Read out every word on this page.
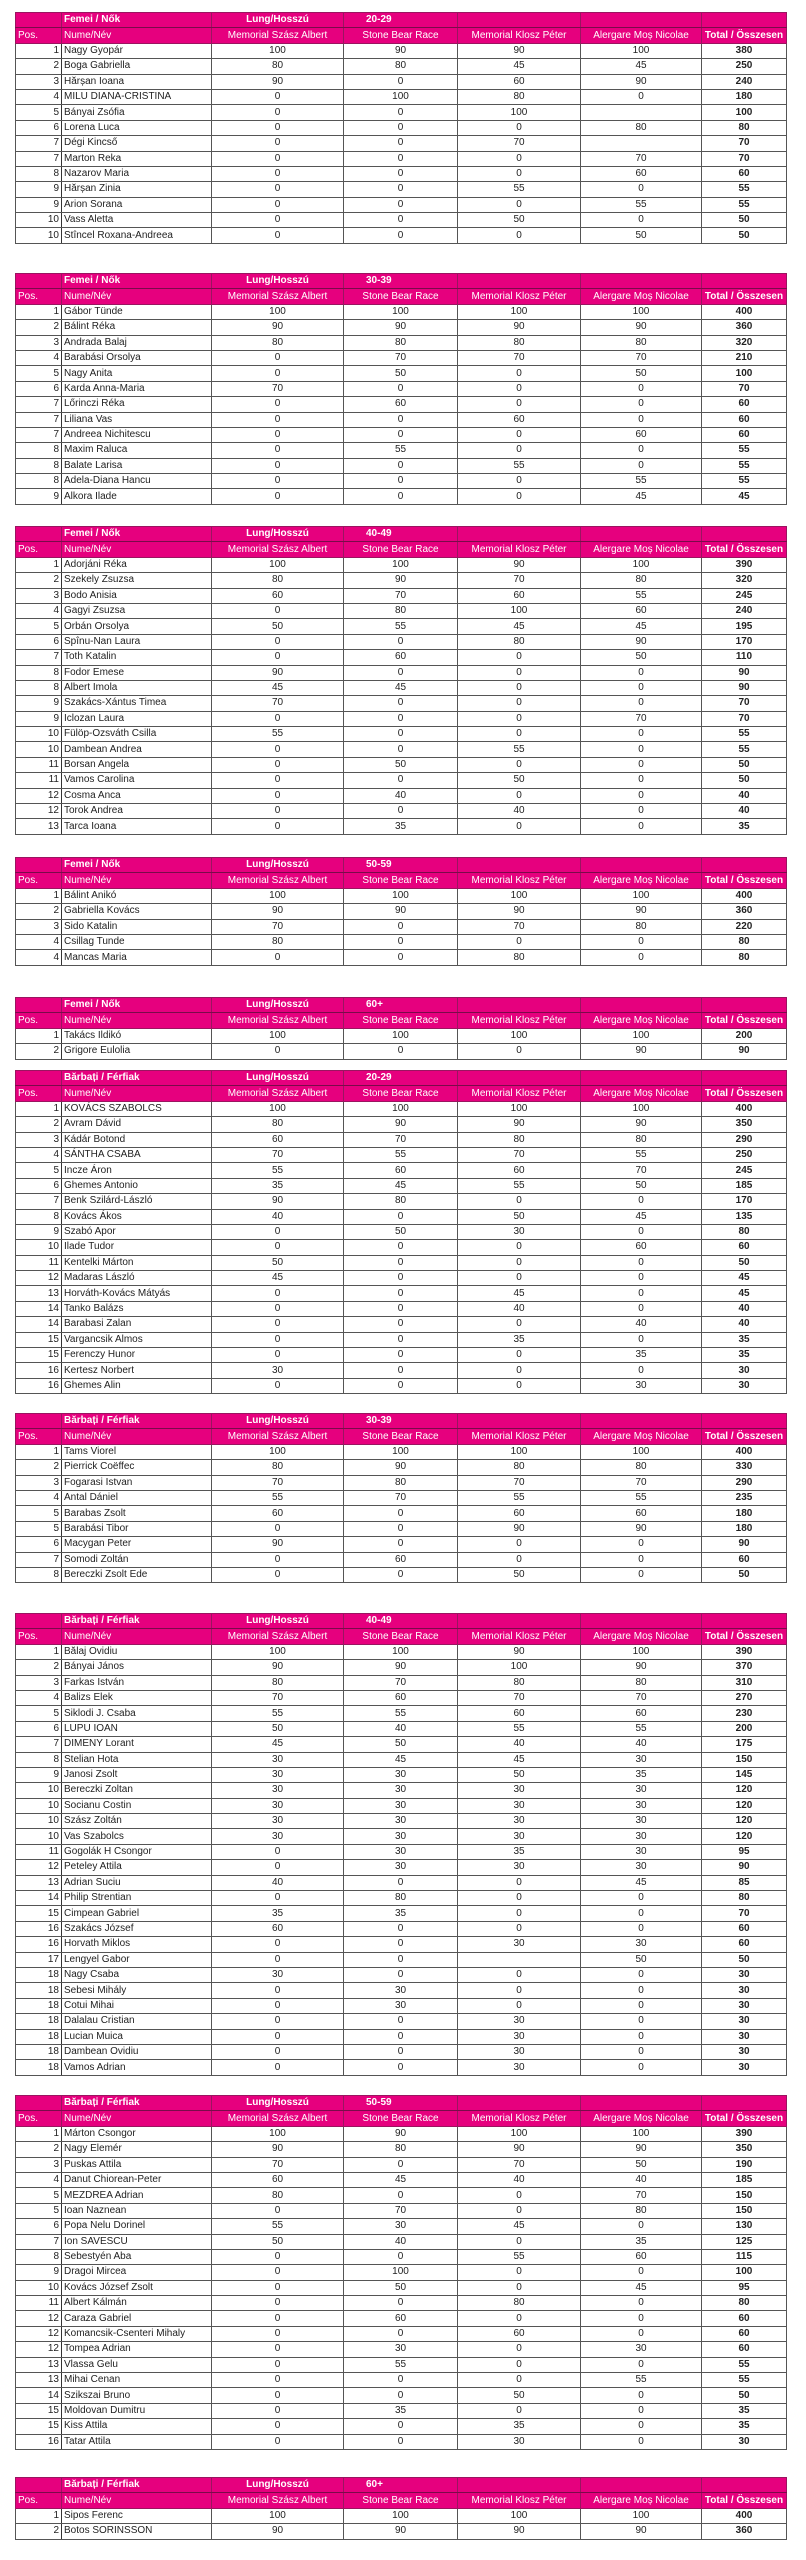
	Femei / Nők	Lung/Hosszú	20-29			
Pos.	Nume/Név	Memorial Szász Albert	Stone Bear Race	Memorial Klosz Péter	Alergare Moș Nicolae	Total / Összesen
1	Nagy Gyopár	100	90	90	100	380
2	Boga Gabriella	80	80	45	45	250
3	Hărșan Ioana	90	0	60	90	240
4	MILU DIANA-CRISTINA	0	100	80	0	180
5	Bányai Zsófia	0	0	100		100
6	Lorena Luca	0	0	0	80	80
7	Dégi Kincső	0	0	70		70
7	Marton Reka	0	0	0	70	70
8	Nazarov Maria	0	0	0	60	60
9	Hărșan Zinia	0	0	55	0	55
9	Arion Sorana	0	0	0	55	55
10	Vass Aletta	0	0	50	0	50
10	Stîncel Roxana-Andreea	0	0	0	50	50
	Femei / Nők	Lung/Hosszú	30-39			
Pos.	Nume/Név	Memorial Szász Albert	Stone Bear Race	Memorial Klosz Péter	Alergare Moș Nicolae	Total / Összesen
1	Gábor Tünde	100	100	100	100	400
2	Bálint Réka	90	90	90	90	360
3	Andrada Balaj	80	80	80	80	320
4	Barabási Orsolya	0	70	70	70	210
5	Nagy Anita	0	50	0	50	100
6	Karda Anna-Maria	70	0	0	0	70
7	Lőrinczi Réka	0	60	0	0	60
7	Liliana Vas	0	0	60	0	60
7	Andreea Nichitescu	0	0	0	60	60
8	Maxim Raluca	0	55	0	0	55
8	Balate Larisa	0	0	55	0	55
8	Adela-Diana Hancu	0	0	0	55	55
9	Alkora Ilade	0	0	0	45	45
	Femei / Nők	Lung/Hosszú	40-49			
Pos.	Nume/Név	Memorial Szász Albert	Stone Bear Race	Memorial Klosz Péter	Alergare Moș Nicolae	Total / Összesen
1	Adorjáni Réka	100	100	90	100	390
2	Szekely Zsuzsa	80	90	70	80	320
3	Bodo Anisia	60	70	60	55	245
4	Gagyi Zsuzsa	0	80	100	60	240
5	Orbán Orsolya	50	55	45	45	195
6	Spînu-Nan Laura	0	0	80	90	170
7	Toth Katalin	0	60	0	50	110
8	Fodor Emese	90	0	0	0	90
8	Albert Imola	45	45	0	0	90
9	Szakács-Xántus Timea	70	0	0	0	70
9	Iclozan Laura	0	0	0	70	70
10	Fülöp-Ozsváth Csilla	55	0	0	0	55
10	Dambean Andrea	0	0	55	0	55
11	Borsan Angela	0	50	0	0	50
11	Vamos Carolina	0	0	50	0	50
12	Cosma Anca	0	40	0	0	40
12	Torok Andrea	0	0	40	0	40
13	Tarca Ioana	0	35	0	0	35
	Femei / Nők	Lung/Hosszú	50-59			
Pos.	Nume/Név	Memorial Szász Albert	Stone Bear Race	Memorial Klosz Péter	Alergare Moș Nicolae	Total / Összesen
1	Bálint Anikó	100	100	100	100	400
2	Gabriella Kovács	90	90	90	90	360
3	Sido Katalin	70	0	70	80	220
4	Csillag Tunde	80	0	0	0	80
4	Mancas Maria	0	0	80	0	80
	Femei / Nők	Lung/Hosszú	60+			
Pos.	Nume/Név	Memorial Szász Albert	Stone Bear Race	Memorial Klosz Péter	Alergare Moș Nicolae	Total / Összesen
1	Takács Ildikó	100	100	100	100	200
2	Grigore Eulolia	0	0	0	90	90
	Bărbați / Férfiak	Lung/Hosszú	20-29			
Pos.	Nume/Név	Memorial Szász Albert	Stone Bear Race	Memorial Klosz Péter	Alergare Moș Nicolae	Total / Összesen
1	KOVÁCS SZABOLCS	100	100	100	100	400
2	Avram Dávid	80	90	90	90	350
3	Kádár Botond	60	70	80	80	290
4	SÁNTHA CSABA	70	55	70	55	250
5	Incze Áron	55	60	60	70	245
6	Ghemes Antonio	35	45	55	50	185
7	Benk Szilárd-László	90	80	0	0	170
8	Kovács Ákos	40	0	50	45	135
9	Szabó Apor	0	50	30	0	80
10	Ilade Tudor	0	0	0	60	60
11	Kentelki Márton	50	0	0	0	50
12	Madaras László	45	0	0	0	45
13	Horváth-Kovács Mátyás	0	0	45	0	45
14	Tanko Balázs	0	0	40	0	40
14	Barabasi Zalan	0	0	0	40	40
15	Vargancsik Almos	0	0	35	0	35
15	Ferenczy Hunor	0	0	0	35	35
16	Kertesz Norbert	30	0	0	0	30
16	Ghemes Alin	0	0	0	30	30
	Bărbați / Férfiak	Lung/Hosszú	30-39			
Pos.	Nume/Név	Memorial Szász Albert	Stone Bear Race	Memorial Klosz Péter	Alergare Moș Nicolae	Total / Összesen
1	Tams Viorel	100	100	100	100	400
2	Pierrick Coëffec	80	90	80	80	330
3	Fogarasi Istvan	70	80	70	70	290
4	Antal Dániel	55	70	55	55	235
5	Barabas Zsolt	60	0	60	60	180
5	Barabási Tibor	0	0	90	90	180
6	Macygan Peter	90	0	0	0	90
7	Somodi Zoltán	0	60	0	0	60
8	Bereczki Zsolt Ede	0	0	50	0	50
	Bărbați / Férfiak	Lung/Hosszú	40-49			
Pos.	Nume/Név	Memorial Szász Albert	Stone Bear Race	Memorial Klosz Péter	Alergare Moș Nicolae	Total / Összesen
1	Bălaj Ovidiu	100	100	90	100	390
2	Bányai János	90	90	100	90	370
3	Farkas István	80	70	80	80	310
4	Balizs Elek	70	60	70	70	270
5	Siklodi J. Csaba	55	55	60	60	230
6	LUPU IOAN	50	40	55	55	200
7	DIMENY Lorant	45	50	40	40	175
8	Stelian Hota	30	45	45	30	150
9	Janosi Zsolt	30	30	50	35	145
10	Bereczki Zoltan	30	30	30	30	120
10	Socianu Costin	30	30	30	30	120
10	Szász Zoltán	30	30	30	30	120
10	Vas Szabolcs	30	30	30	30	120
11	Gogolák H Csongor	0	30	35	30	95
12	Peteley Attila	0	30	30	30	90
13	Adrian Suciu	40	0	0	45	85
14	Philip Strentian	0	80	0	0	80
15	Cimpean Gabriel	35	35	0	0	70
16	Szakács József	60	0	0	0	60
16	Horvath Miklos	0	0	30	30	60
17	Lengyel Gabor	0	0		50	50
18	Nagy Csaba	30	0	0	0	30
18	Sebesi Mihály	0	30	0	0	30
18	Cotui Mihai	0	30	0	0	30
18	Dalalau Cristian	0	0	30	0	30
18	Lucian Muica	0	0	30	0	30
18	Dambean Ovidiu	0	0	30	0	30
18	Vamos Adrian	0	0	30	0	30
	Bărbați / Férfiak	Lung/Hosszú	50-59			
Pos.	Nume/Név	Memorial Szász Albert	Stone Bear Race	Memorial Klosz Péter	Alergare Moș Nicolae	Total / Összesen
1	Márton Csongor	100	90	100	100	390
2	Nagy Elemér	90	80	90	90	350
3	Puskas Attila	70	0	70	50	190
4	Danut Chiorean-Peter	60	45	40	40	185
5	MEZDREA Adrian	80	0	0	70	150
5	Ioan Naznean	0	70	0	80	150
6	Popa Nelu Dorinel	55	30	45	0	130
7	Ion SAVESCU	50	40	0	35	125
8	Sebestyén Aba	0	0	55	60	115
9	Dragoi Mircea	0	100	0	0	100
10	Kovács József Zsolt	0	50	0	45	95
11	Albert Kálmán	0	0	80	0	80
12	Caraza Gabriel	0	60	0	0	60
12	Komancsik-Csenteri Mihaly	0	0	60	0	60
12	Tompea Adrian	0	30	0	30	60
13	Vlassa Gelu	0	55	0	0	55
13	Mihai Cenan	0	0	0	55	55
14	Szikszai Bruno	0	0	50	0	50
15	Moldovan Dumitru	0	35	0	0	35
15	Kiss Attila	0	0	35	0	35
16	Tatar Attila	0	0	30	0	30
	Bărbați / Férfiak	Lung/Hosszú	60+			
Pos.	Nume/Név	Memorial Szász Albert	Stone Bear Race	Memorial Klosz Péter	Alergare Moș Nicolae	Total / Összesen
1	Sipos Ferenc	100	100	100	100	400
2	Botos SORINSSON	90	90	90	90	360
